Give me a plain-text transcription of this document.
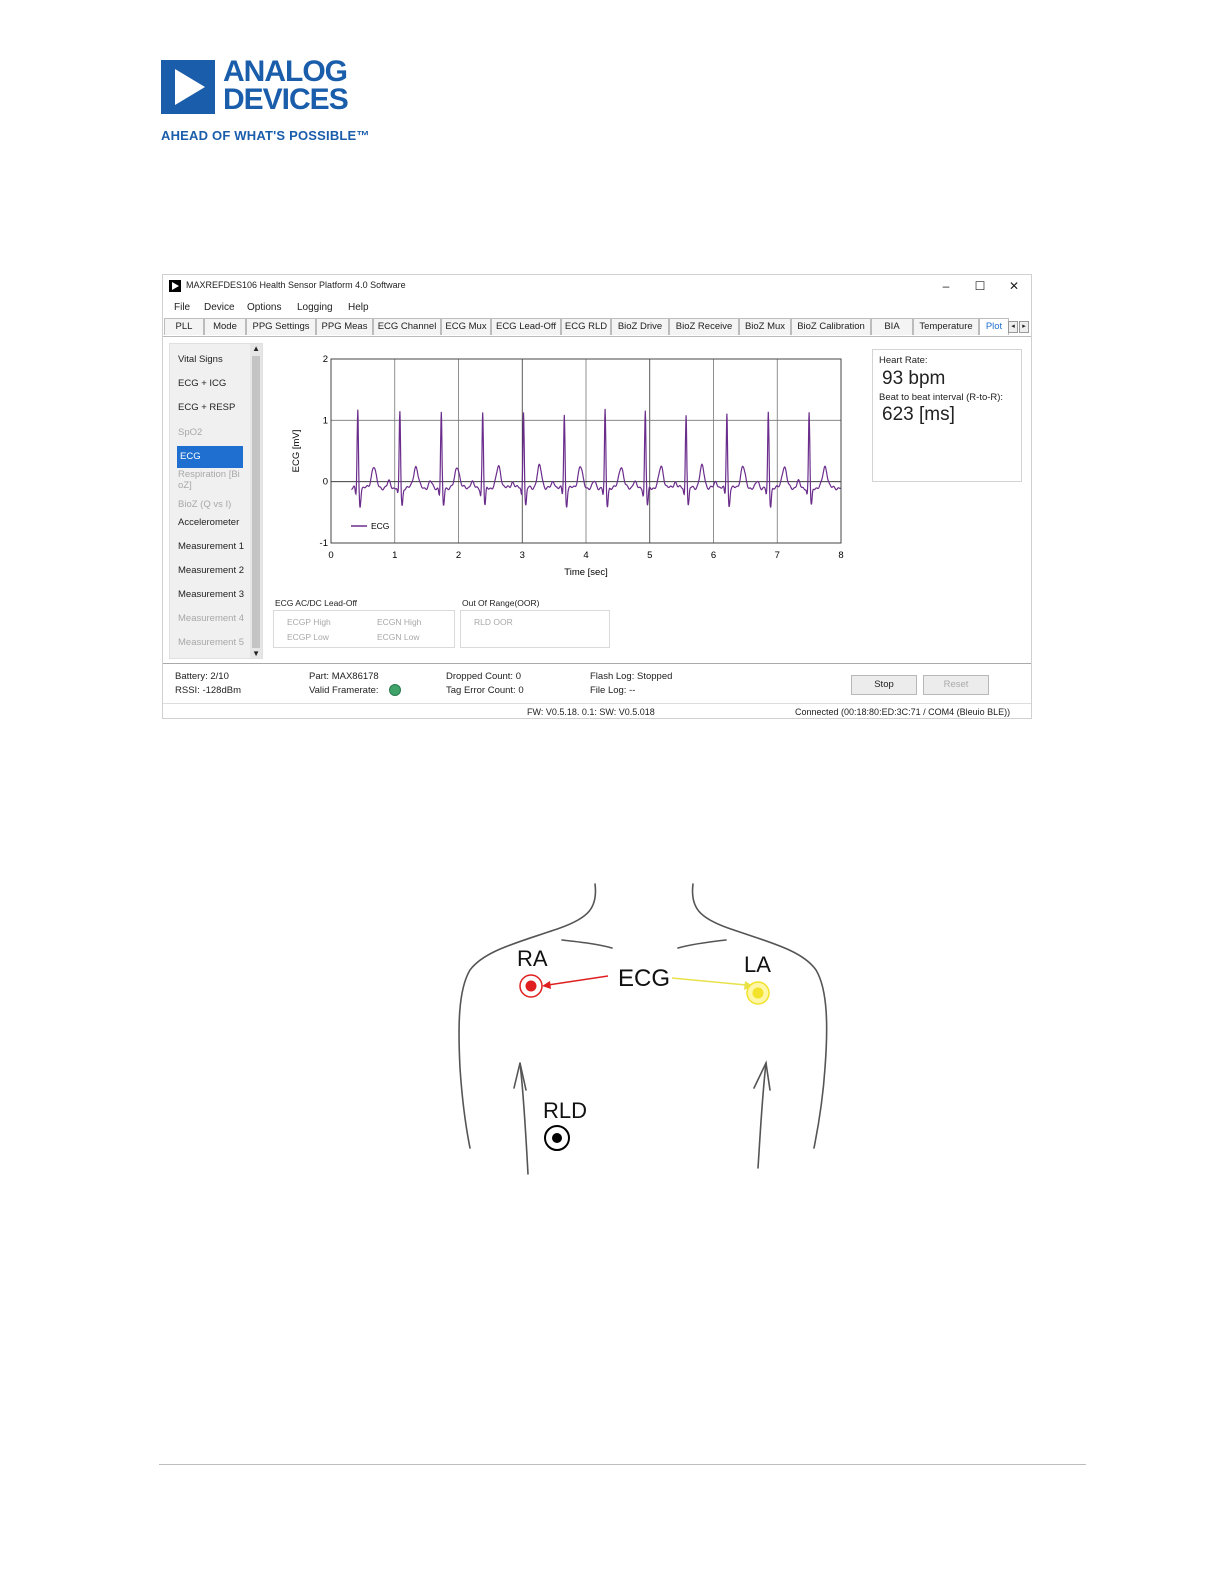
ANALOG
DEVICES
AHEAD OF WHAT'S POSSIBLE™
MAXREFDES106 Health Sensor Platform 4.0 Software	–	☐	✕
File Device Options Logging Help
PLL	Mode	PPG Settings	PPG Meas	ECG Channel ECG Mux ECG Lead-Off ECG RLD	BioZ Drive	BioZ Receive	BioZ Mux	BioZ Calibration	BIA	Temperature	Plot	◂	▸
Vital Signs
ECG + ICG
ECG + RESP
SpO2
ECG
Respiration [BioZ]
BioZ (Q vs I)
Accelerometer
Measurement 1
Measurement 2
Measurement 3
Measurement 4
Measurement 5
▲
▼
0	1	2	3	4	5	6	7	8
-1
0
1
2
ECG
Time [sec]
ECG [mV]
Heart Rate:
93 bpm
Beat to beat interval (R-to-R):
623 [ms]
ECG AC/DC Lead-Off
ECGP High	ECGN High
ECGP Low	ECGN Low
Out Of Range(OOR)
RLD OOR
Battery: 2/10
RSSI: -128dBm
Part: MAX86178
Valid Framerate:
Dropped Count: 0
Tag Error Count: 0
Flash Log: Stopped
File Log: --
Stop	Reset
FW: V0.5.18. 0.1: SW: V0.5.018	Connected (00:18:80:ED:3C:71 / COM4 (Bleuio BLE))
RA	LA
ECG
RLD
